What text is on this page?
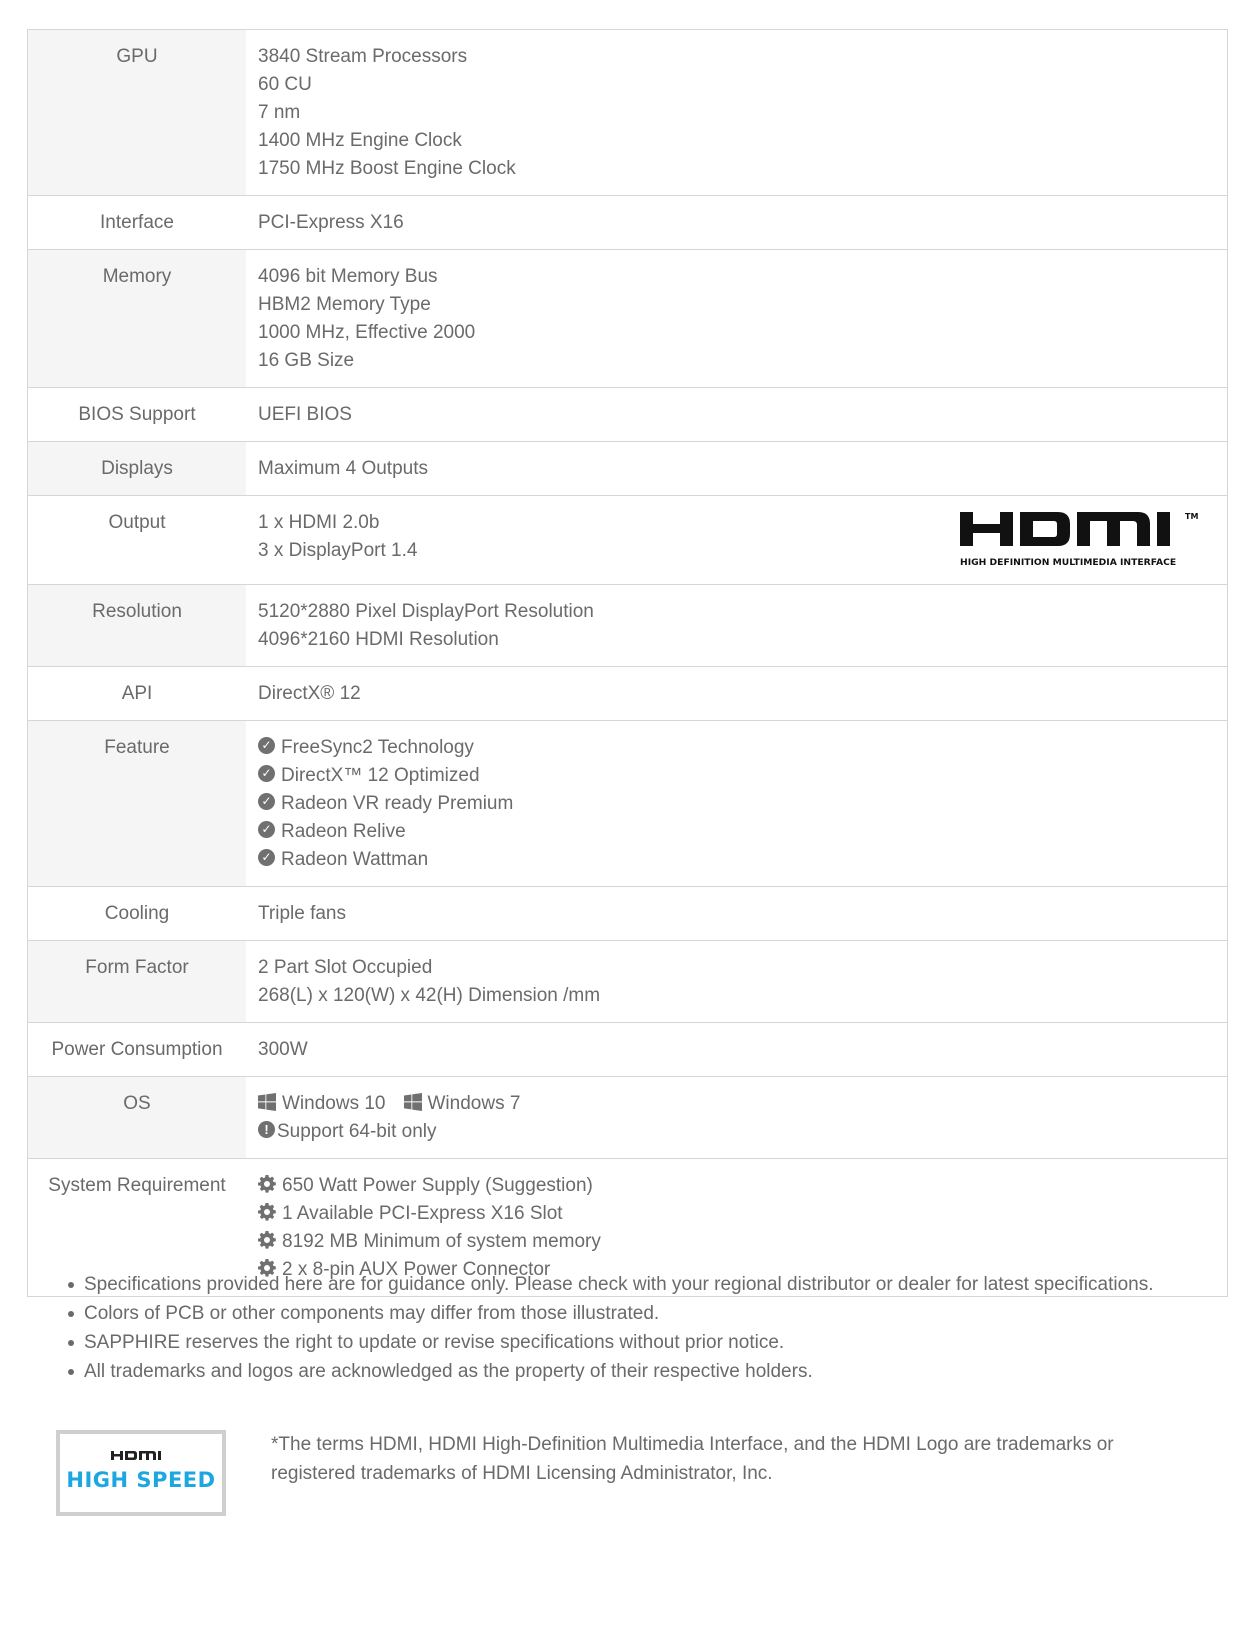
GPU	3840 Stream Processors
60 CU
7 nm
1400 MHz Engine Clock
1750 MHz Boost Engine Clock

Interface	PCI-Express X16

Memory	4096 bit Memory Bus
HBM2 Memory Type
1000 MHz, Effective 2000
16 GB Size

BIOS Support	UEFI BIOS

Displays	Maximum 4 Outputs

Output	1 x HDMI 2.0b
3 x DisplayPort 1.4
TM
HIGH DEFINITION MULTIMEDIA INTERFACE

Resolution	5120*2880 Pixel DisplayPort Resolution
4096*2160 HDMI Resolution

API	DirectX® 12

Feature	✓ FreeSync2 Technology
✓ DirectX™ 12 Optimized
✓ Radeon VR ready Premium
✓ Radeon Relive
✓ Radeon Wattman

Cooling	Triple fans

Form Factor	2 Part Slot Occupied
268(L) x 120(W) x 42(H) Dimension /mm

Power Consumption	300W

OS	Windows 10 Windows 7
! Support 64-bit only

System Requirement	650 Watt Power Supply (Suggestion)
1 Available PCI-Express X16 Slot
8192 MB Minimum of system memory
2 x 8-pin AUX Power Connector
Specifications provided here are for guidance only. Please check with your regional distributor or dealer for latest specifications.
Colors of PCB or other components may differ from those illustrated.
SAPPHIRE reserves the right to update or revise specifications without prior notice.
All trademarks and logos are acknowledged as the property of their respective holders.
HIGH SPEED
*The terms HDMI, HDMI High-Definition Multimedia Interface, and the HDMI Logo are trademarks or registered trademarks of HDMI Licensing Administrator, Inc.
